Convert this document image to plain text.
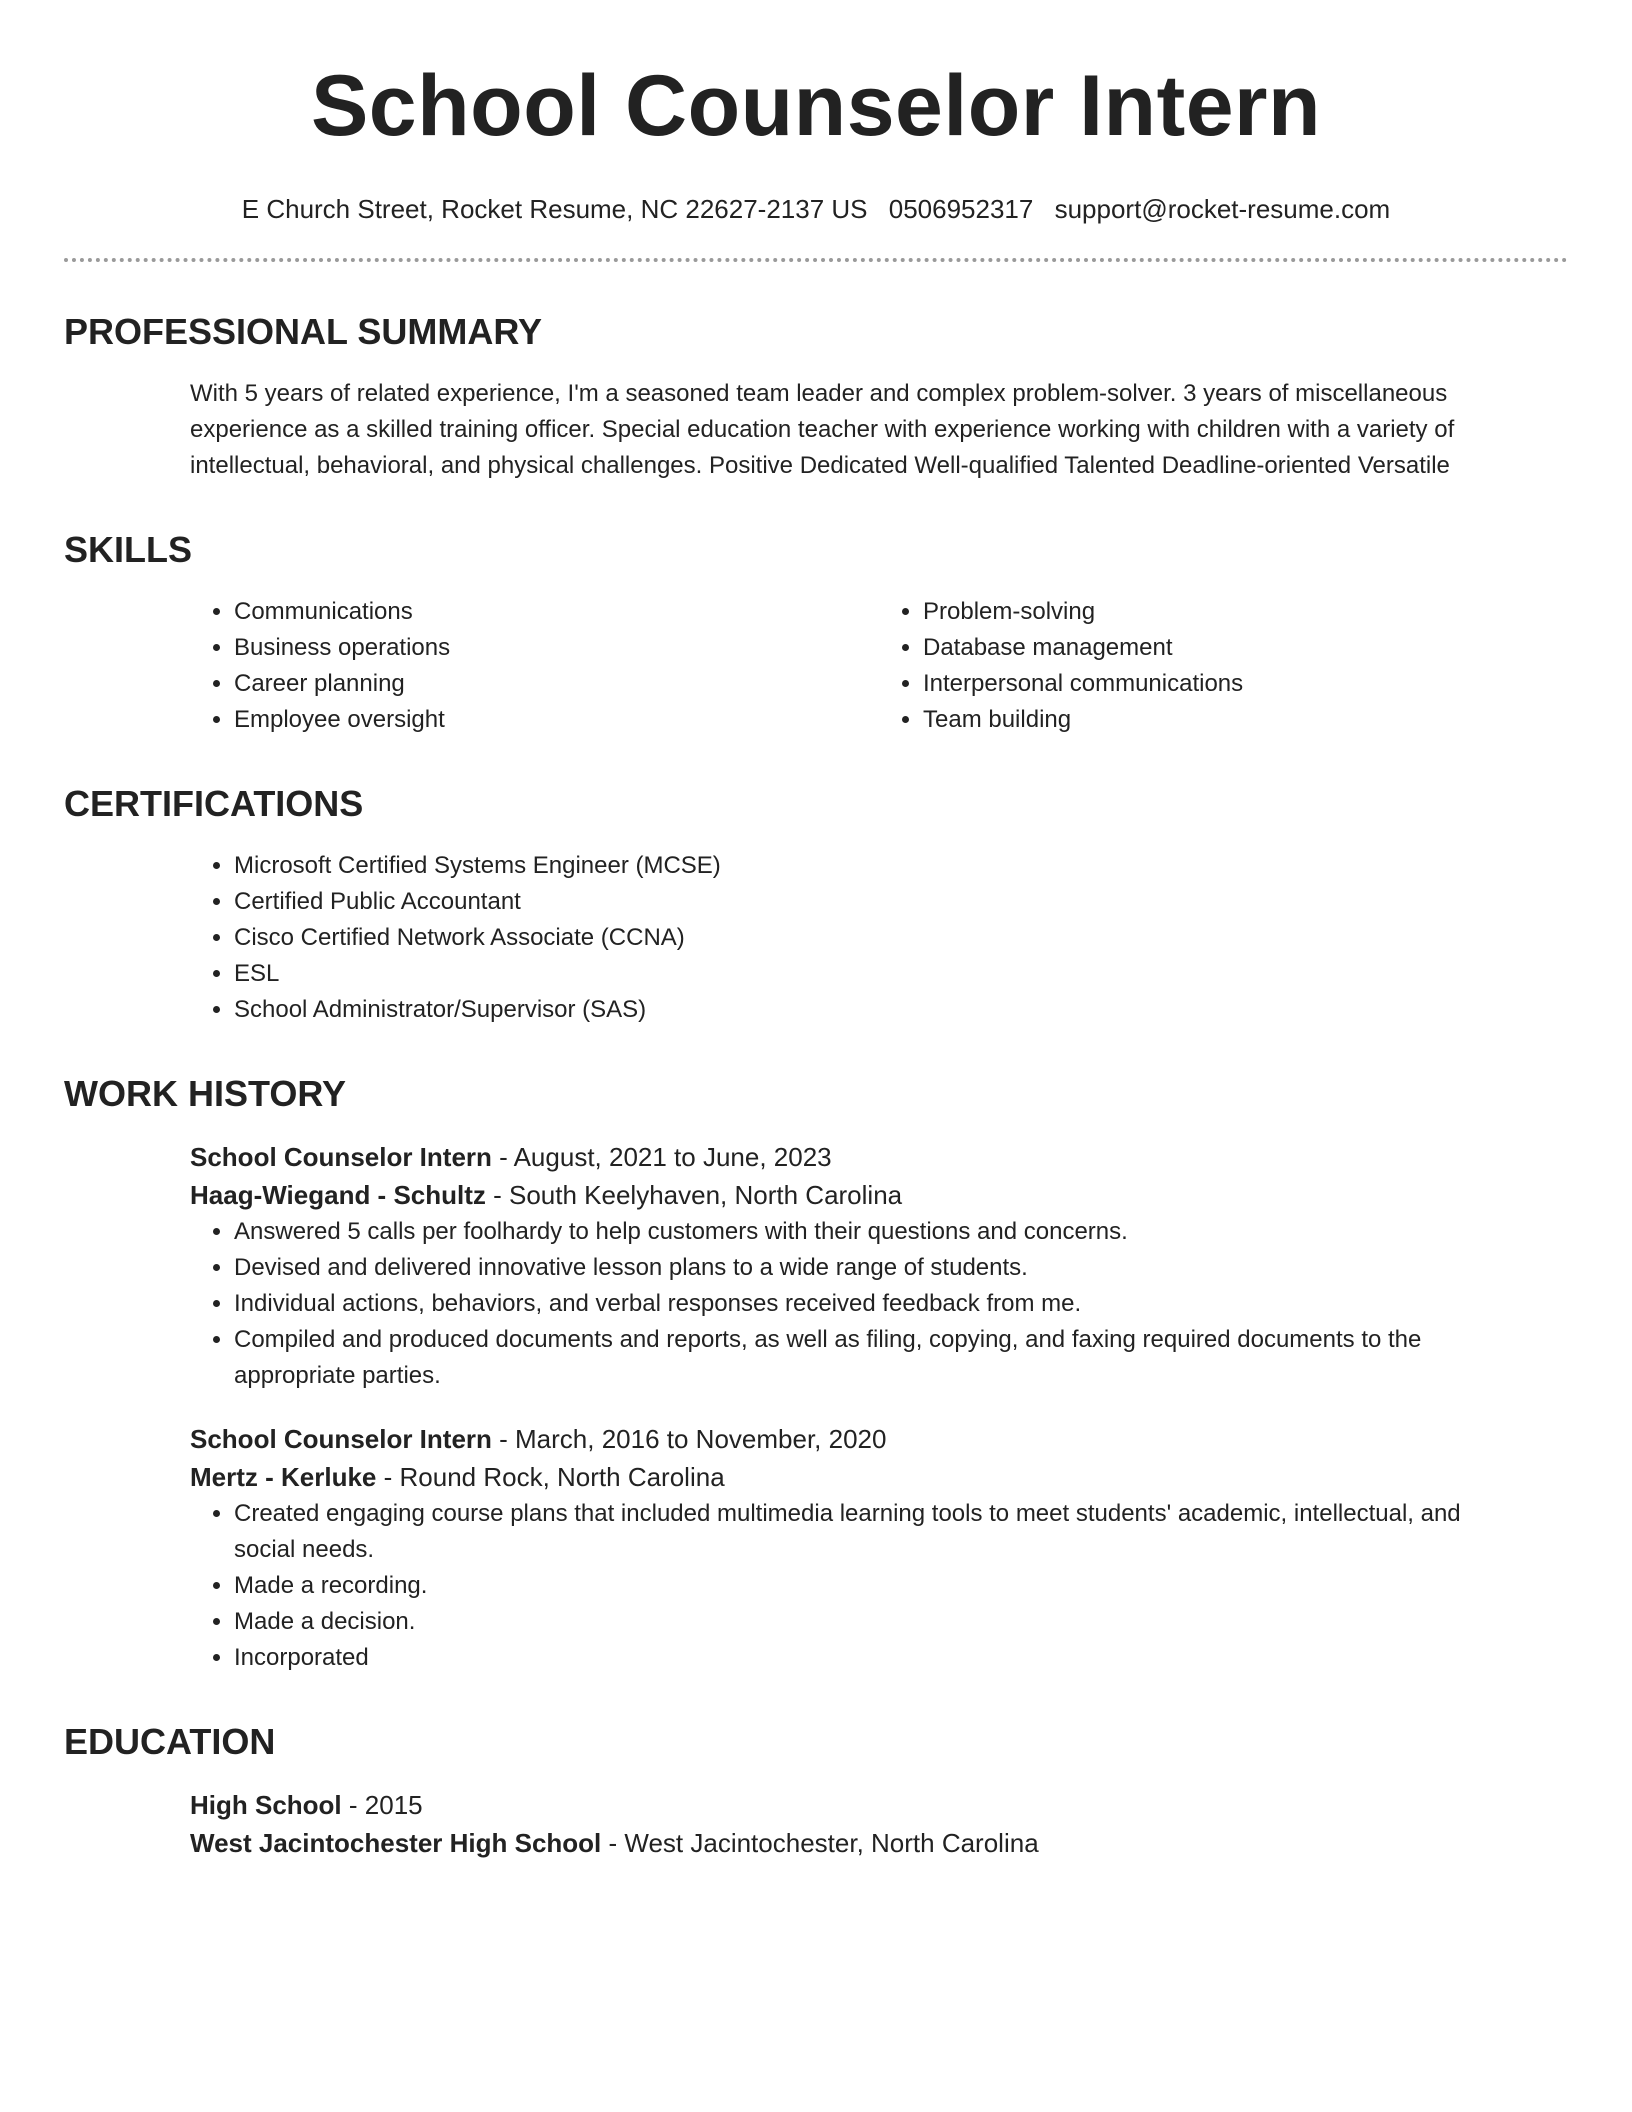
School Counselor Intern
E Church Street, Rocket Resume, NC 22627-2137 US 0506952317 support@rocket-resume.com
PROFESSIONAL SUMMARY
With 5 years of related experience, I'm a seasoned team leader and complex problem-solver. 3 years of miscellaneous experience as a skilled training officer. Special education teacher with experience working with children with a variety of intellectual, behavioral, and physical challenges. Positive Dedicated Well-qualified Talented Deadline-oriented Versatile
SKILLS
• Communications
• Business operations
• Career planning
• Employee oversight
• Problem-solving
• Database management
• Interpersonal communications
• Team building
CERTIFICATIONS
• Microsoft Certified Systems Engineer (MCSE)
• Certified Public Accountant
• Cisco Certified Network Associate (CCNA)
• ESL
• School Administrator/Supervisor (SAS)
WORK HISTORY
School Counselor Intern - August, 2021 to June, 2023
Haag-Wiegand - Schultz - South Keelyhaven, North Carolina
• Answered 5 calls per foolhardy to help customers with their questions and concerns.
• Devised and delivered innovative lesson plans to a wide range of students.
• Individual actions, behaviors, and verbal responses received feedback from me.
• Compiled and produced documents and reports, as well as filing, copying, and faxing required documents to the appropriate parties.
School Counselor Intern - March, 2016 to November, 2020
Mertz - Kerluke - Round Rock, North Carolina
• Created engaging course plans that included multimedia learning tools to meet students' academic, intellectual, and social needs.
• Made a recording.
• Made a decision.
• Incorporated
EDUCATION
High School - 2015
West Jacintochester High School - West Jacintochester, North Carolina
